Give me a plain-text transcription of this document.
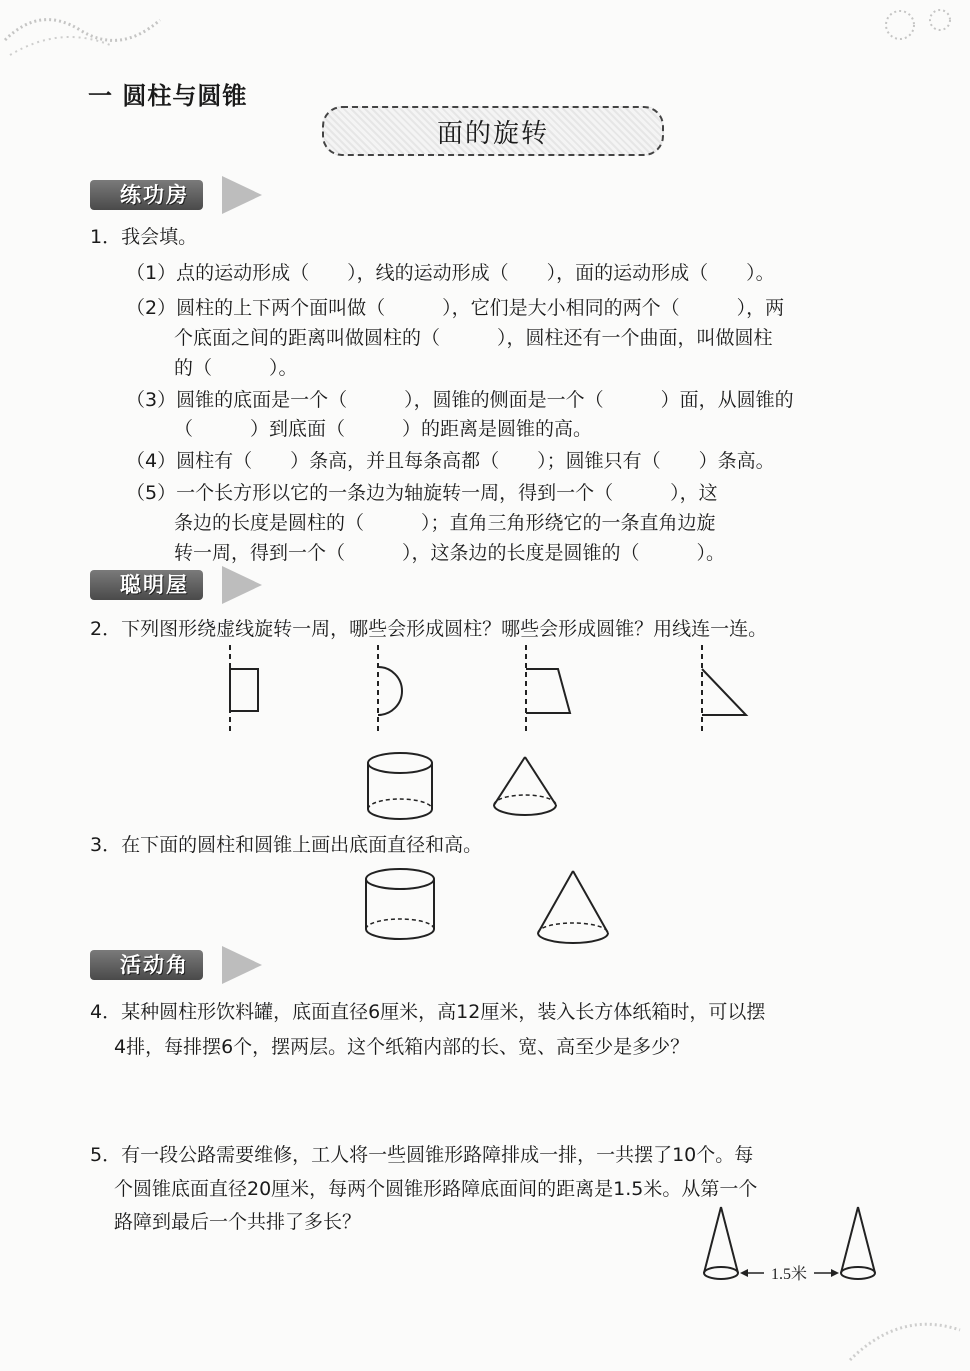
一 圆柱与圆锥
面的旋转
练功房
1．我会填。
（1）点的运动形成（　　），线的运动形成（　　），面的运动形成（　　）。
（2）圆柱的上下两个面叫做（　　　），它们是大小相同的两个（　　　），两
个底面之间的距离叫做圆柱的（　　　），圆柱还有一个曲面，叫做圆柱
的（　　　）。
（3）圆锥的底面是一个（　　　），圆锥的侧面是一个（　　　）面，从圆锥的
（　　　）到底面（　　　）的距离是圆锥的高。
（4）圆柱有（　　）条高，并且每条高都（　　）；圆锥只有（　　）条高。
（5）一个长方形以它的一条边为轴旋转一周，得到一个（　　　），这
条边的长度是圆柱的（　　　）；直角三角形绕它的一条直角边旋
转一周，得到一个（　　　），这条边的长度是圆锥的（　　　）。
聪明屋
2．下列图形绕虚线旋转一周，哪些会形成圆柱？哪些会形成圆锥？用线连一连。
3．在下面的圆柱和圆锥上画出底面直径和高。
活动角
4．某种圆柱形饮料罐，底面直径6厘米，高12厘米，装入长方体纸箱时，可以摆
4排，每排摆6个，摆两层。这个纸箱内部的长、宽、高至少是多少？
5．有一段公路需要维修，工人将一些圆锥形路障排成一排，一共摆了10个。每
个圆锥底面直径20厘米，每两个圆锥形路障底面间的距离是1.5米。从第一个
路障到最后一个共排了多长？
1.5米
